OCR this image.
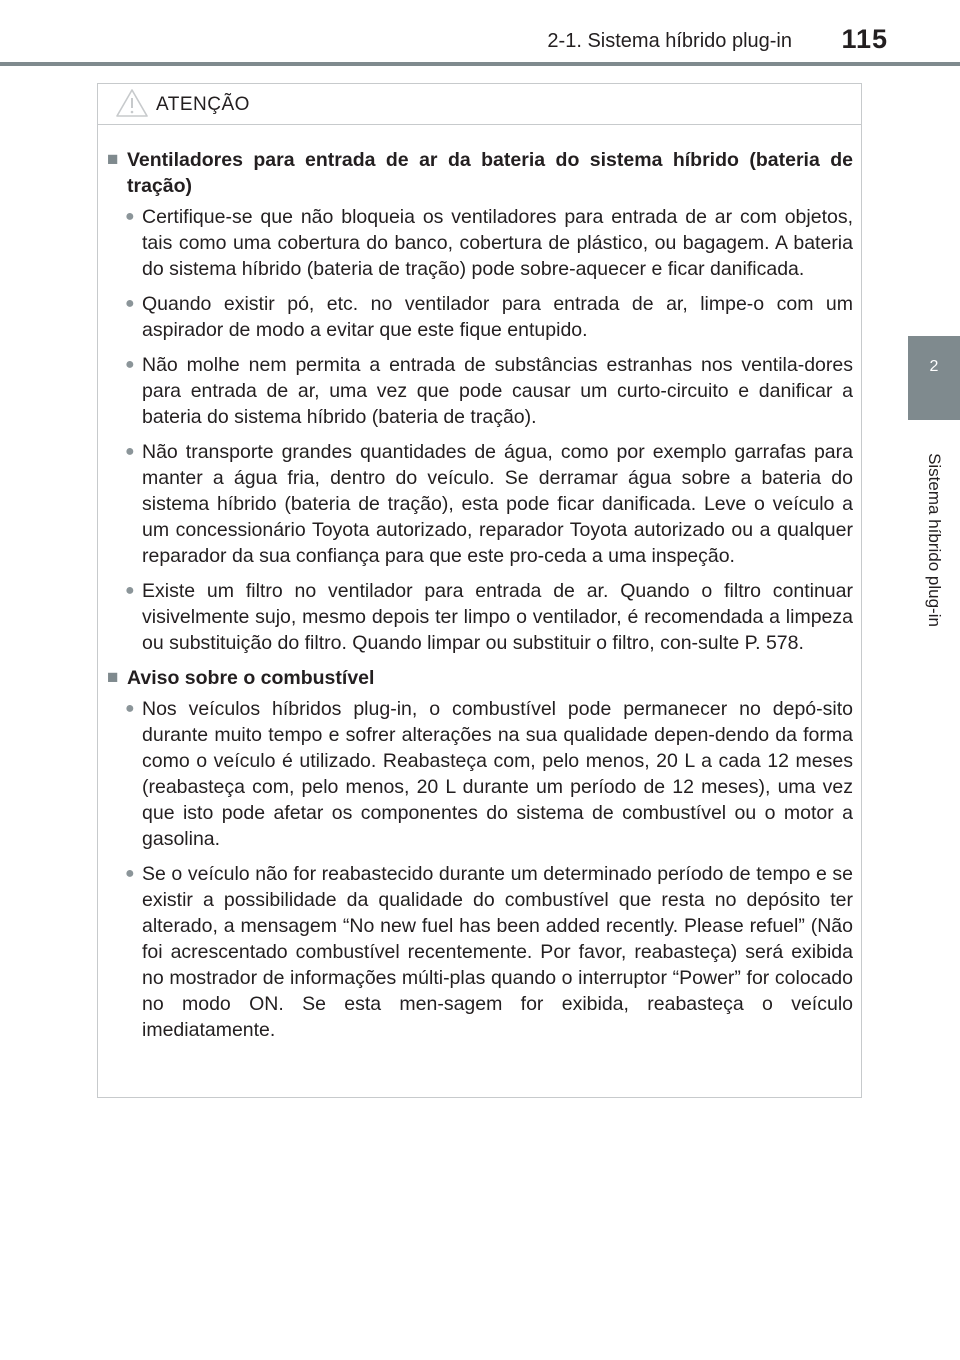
2-1. Sistema híbrido plug-in 115
2
Sistema híbrido plug-in
ATENÇÃO
■ Ventiladores para entrada de ar da bateria do sistema híbrido (bateria de tração)
● Certifique-se que não bloqueia os ventiladores para entrada de ar com objetos, tais como uma cobertura do banco, cobertura de plástico, ou bagagem. A bateria do sistema híbrido (bateria de tração) pode sobre-aquecer e ficar danificada.
● Quando existir pó, etc. no ventilador para entrada de ar, limpe-o com um aspirador de modo a evitar que este fique entupido.
● Não molhe nem permita a entrada de substâncias estranhas nos ventila-dores para entrada de ar, uma vez que pode causar um curto-circuito e danificar a bateria do sistema híbrido (bateria de tração).
● Não transporte grandes quantidades de água, como por exemplo garrafas para manter a água fria, dentro do veículo. Se derramar água sobre a bateria do sistema híbrido (bateria de tração), esta pode ficar danificada. Leve o veículo a um concessionário Toyota autorizado, reparador Toyota autorizado ou a qualquer reparador da sua confiança para que este pro-ceda a uma inspeção.
● Existe um filtro no ventilador para entrada de ar. Quando o filtro continuar visivelmente sujo, mesmo depois ter limpo o ventilador, é recomendada a limpeza ou substituição do filtro. Quando limpar ou substituir o filtro, con-sulte P. 578.
■ Aviso sobre o combustível
● Nos veículos híbridos plug-in, o combustível pode permanecer no depó-sito durante muito tempo e sofrer alterações na sua qualidade depen-dendo da forma como o veículo é utilizado. Reabasteça com, pelo menos, 20 L a cada 12 meses (reabasteça com, pelo menos, 20 L durante um período de 12 meses), uma vez que isto pode afetar os componentes do sistema de combustível ou o motor a gasolina.
● Se o veículo não for reabastecido durante um determinado período de tempo e se existir a possibilidade da qualidade do combustível que resta no depósito ter alterado, a mensagem “No new fuel has been added recently. Please refuel” (Não foi acrescentado combustível recentemente. Por favor, reabasteça) será exibida no mostrador de informações múlti-plas quando o interruptor “Power” for colocado no modo ON. Se esta men-sagem for exibida, reabasteça o veículo imediatamente.
